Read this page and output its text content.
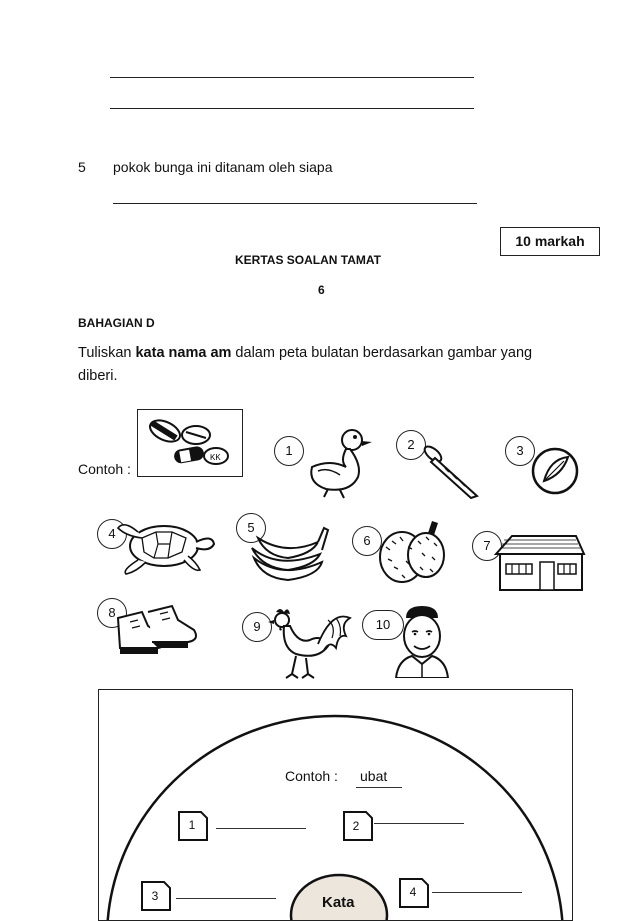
5 pokok bunga ini ditanam oleh siapa
10 markah
KERTAS SOALAN TAMAT
6
BAHAGIAN D
Tuliskan kata nama am dalam peta bulatan berdasarkan gambar yang
diberi.
Contoh :
KK	1	2	3
4	5
6	7
8
9	10
Contoh : ubat
1	2
3	4
Kata
